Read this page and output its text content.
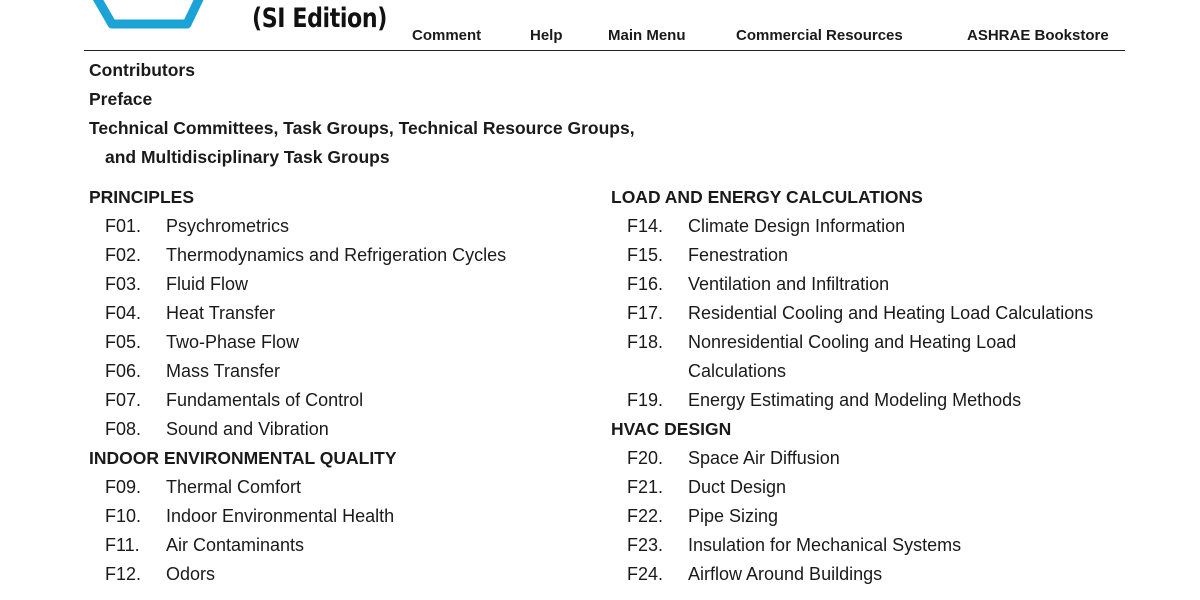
(SI Edition)
Comment	Help	Main Menu	Commercial Resources	ASHRAE Bookstore
Contributors
Preface
Technical Committees, Task Groups, Technical Resource Groups,
and Multidisciplinary Task Groups
PRINCIPLES
F01. Psychrometrics
F02. Thermodynamics and Refrigeration Cycles
F03. Fluid Flow
F04. Heat Transfer
F05. Two-Phase Flow
F06. Mass Transfer
F07. Fundamentals of Control
F08. Sound and Vibration
INDOOR ENVIRONMENTAL QUALITY
F09. Thermal Comfort
F10. Indoor Environmental Health
F11. Air Contaminants
F12. Odors
LOAD AND ENERGY CALCULATIONS
F14. Climate Design Information
F15. Fenestration
F16. Ventilation and Infiltration
F17. Residential Cooling and Heating Load Calculations
F18. Nonresidential Cooling and Heating Load
Calculations
F19. Energy Estimating and Modeling Methods
HVAC DESIGN
F20. Space Air Diffusion
F21. Duct Design
F22. Pipe Sizing
F23. Insulation for Mechanical Systems
F24. Airflow Around Buildings
